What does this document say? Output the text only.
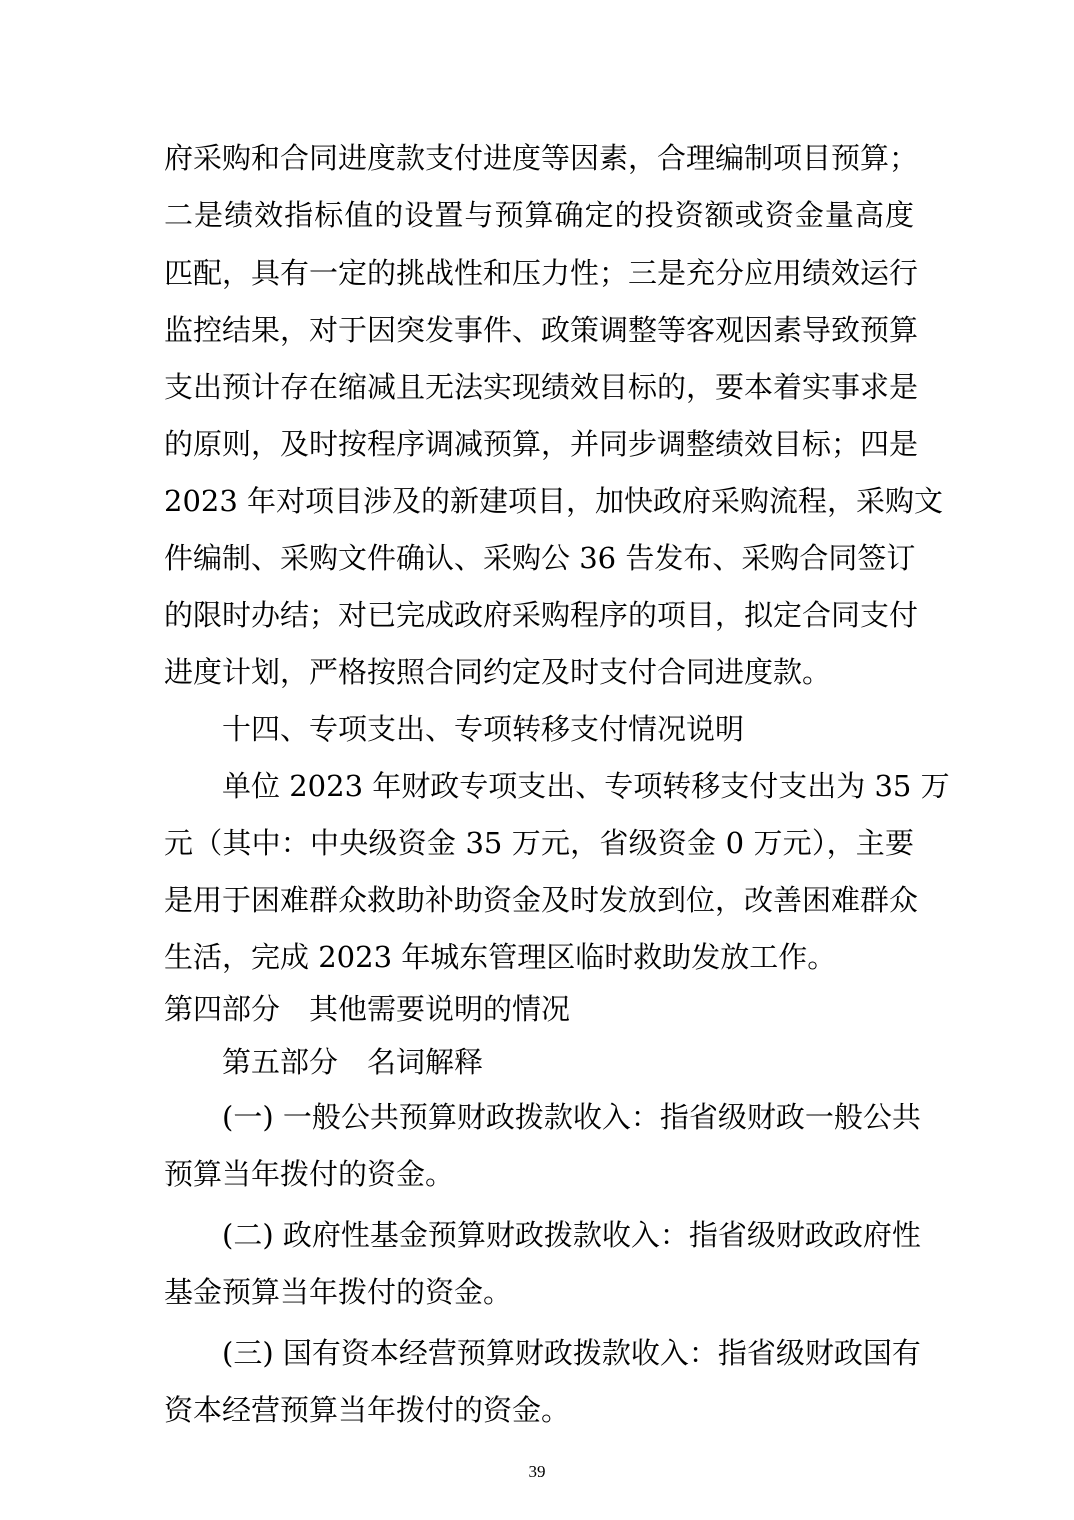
府采购和合同进度款支付进度等因素，合理编制项目预算；
二是绩效指标值的设置与预算确定的投资额或资金量高度
匹配，具有一定的挑战性和压力性；三是充分应用绩效运行
监控结果，对于因突发事件、政策调整等客观因素导致预算
支出预计存在缩减且无法实现绩效目标的，要本着实事求是
的原则，及时按程序调减预算，并同步调整绩效目标；四是
2023 年对项目涉及的新建项目，加快政府采购流程，采购文
件编制、采购文件确认、采购公 36 告发布、采购合同签订
的限时办结；对已完成政府采购程序的项目，拟定合同支付
进度计划，严格按照合同约定及时支付合同进度款。
十四、专项支出、专项转移支付情况说明
单位 2023 年财政专项支出、专项转移支付支出为 35 万
元（其中：中央级资金 35 万元，省级资金 0 万元），主要
是用于困难群众救助补助资金及时发放到位，改善困难群众
生活，完成 2023 年城东管理区临时救助发放工作。
第四部分　其他需要说明的情况
第五部分　名词解释
(一) 一般公共预算财政拨款收入：指省级财政一般公共
预算当年拨付的资金。
(二) 政府性基金预算财政拨款收入：指省级财政政府性
基金预算当年拨付的资金。
(三) 国有资本经营预算财政拨款收入：指省级财政国有
资本经营预算当年拨付的资金。
39
